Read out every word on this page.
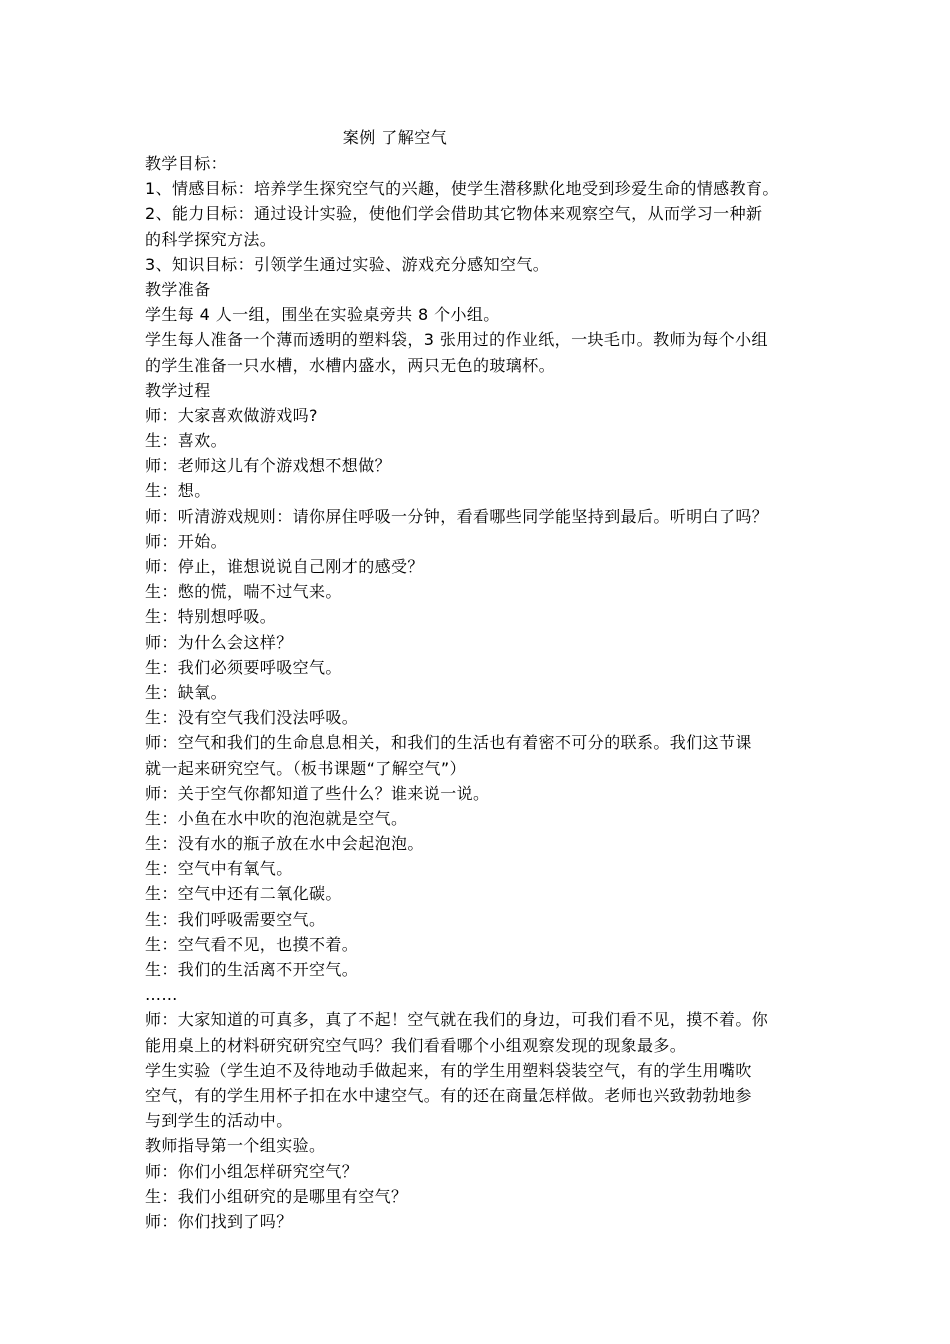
案例 了解空气
教学目标：
1、情感目标：培养学生探究空气的兴趣，使学生潜移默化地受到珍爱生命的情感教育。
2、能力目标：通过设计实验，使他们学会借助其它物体来观察空气，从而学习一种新
的科学探究方法。
3、知识目标：引领学生通过实验、游戏充分感知空气。
教学准备
学生每 4 人一组，围坐在实验桌旁共 8 个小组。
学生每人准备一个薄而透明的塑料袋，3 张用过的作业纸，一块毛巾。教师为每个小组
的学生准备一只水槽，水槽内盛水，两只无色的玻璃杯。
教学过程
师：大家喜欢做游戏吗?
生：喜欢。
师：老师这儿有个游戏想不想做？
生：想。
师：听清游戏规则：请你屏住呼吸一分钟，看看哪些同学能坚持到最后。听明白了吗？
师：开始。
师：停止，谁想说说自己刚才的感受？
生：憋的慌，喘不过气来。
生：特别想呼吸。
师：为什么会这样？
生：我们必须要呼吸空气。
生：缺氧。
生：没有空气我们没法呼吸。
师：空气和我们的生命息息相关，和我们的生活也有着密不可分的联系。我们这节课
就一起来研究空气。（板书课题“了解空气”）
师：关于空气你都知道了些什么？谁来说一说。
生：小鱼在水中吹的泡泡就是空气。
生：没有水的瓶子放在水中会起泡泡。
生：空气中有氧气。
生：空气中还有二氧化碳。
生：我们呼吸需要空气。
生：空气看不见，也摸不着。
生：我们的生活离不开空气。
……
师：大家知道的可真多，真了不起！空气就在我们的身边，可我们看不见，摸不着。你
能用桌上的材料研究研究空气吗？我们看看哪个小组观察发现的现象最多。
学生实验（学生迫不及待地动手做起来，有的学生用塑料袋装空气，有的学生用嘴吹
空气，有的学生用杯子扣在水中逮空气。有的还在商量怎样做。老师也兴致勃勃地参
与到学生的活动中。
教师指导第一个组实验。
师：你们小组怎样研究空气？
生：我们小组研究的是哪里有空气？
师：你们找到了吗？
